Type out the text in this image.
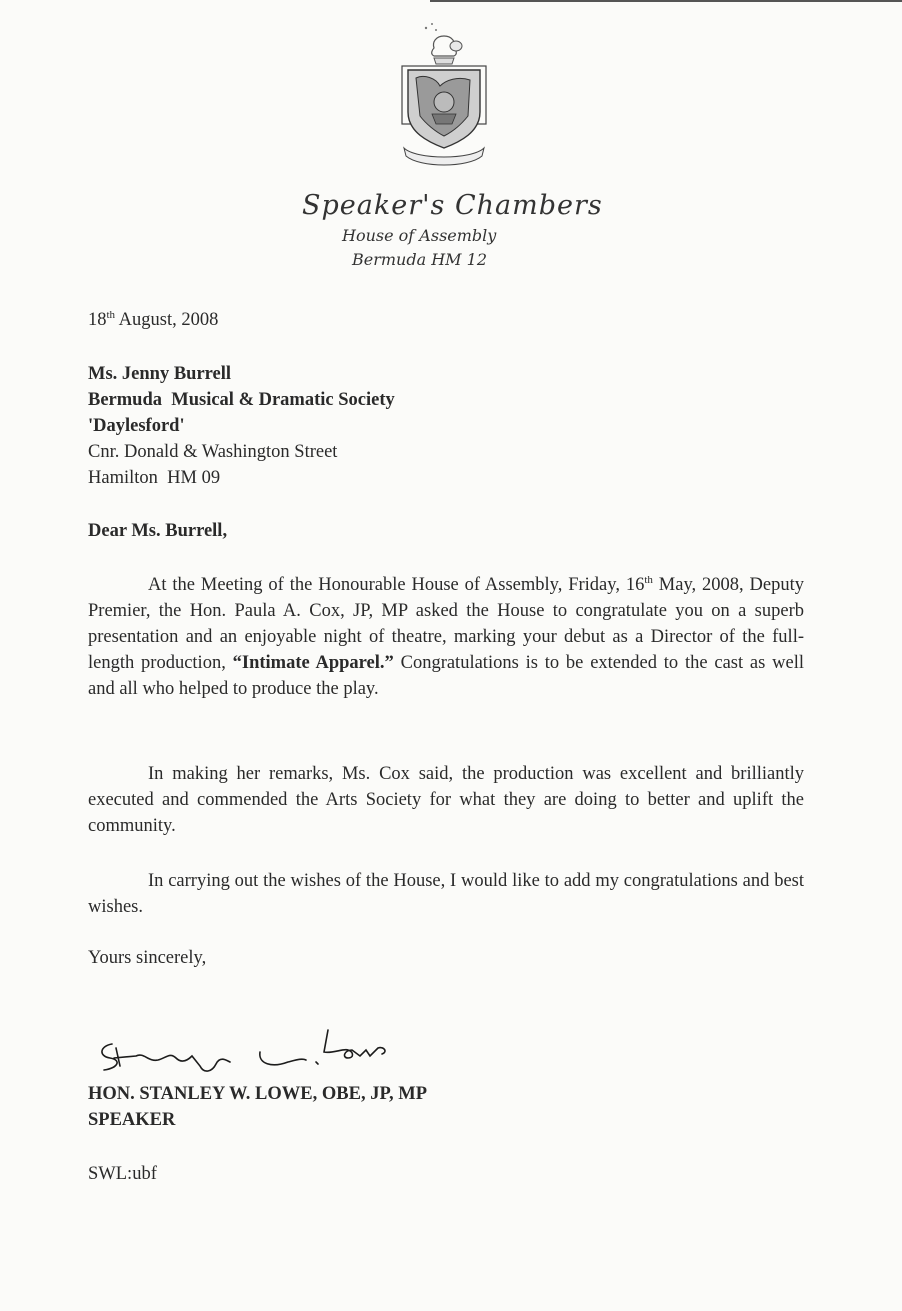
Speaker's Chambers
House of Assembly
Bermuda HM 12
18th August, 2008
Ms. Jenny Burrell
Bermuda  Musical & Dramatic Society
'Daylesford'
Cnr. Donald & Washington Street
Hamilton  HM 09
Dear Ms. Burrell,
At the Meeting of the Honourable House of Assembly, Friday, 16th May, 2008, Deputy Premier, the Hon. Paula A. Cox, JP, MP asked the House to congratulate you on a superb presentation and an enjoyable night of theatre, marking your debut as a Director of the full-length production, “Intimate Apparel.” Congratulations is to be extended to the cast as well and all who helped to produce the play.
In making her remarks, Ms. Cox said, the production was excellent and brilliantly executed and commended the Arts Society for what they are doing to better and uplift the community.
In carrying out the wishes of the House, I would like to add my congratulations and best wishes.
Yours sincerely,
HON. STANLEY W. LOWE, OBE, JP, MP
SPEAKER
SWL:ubf
